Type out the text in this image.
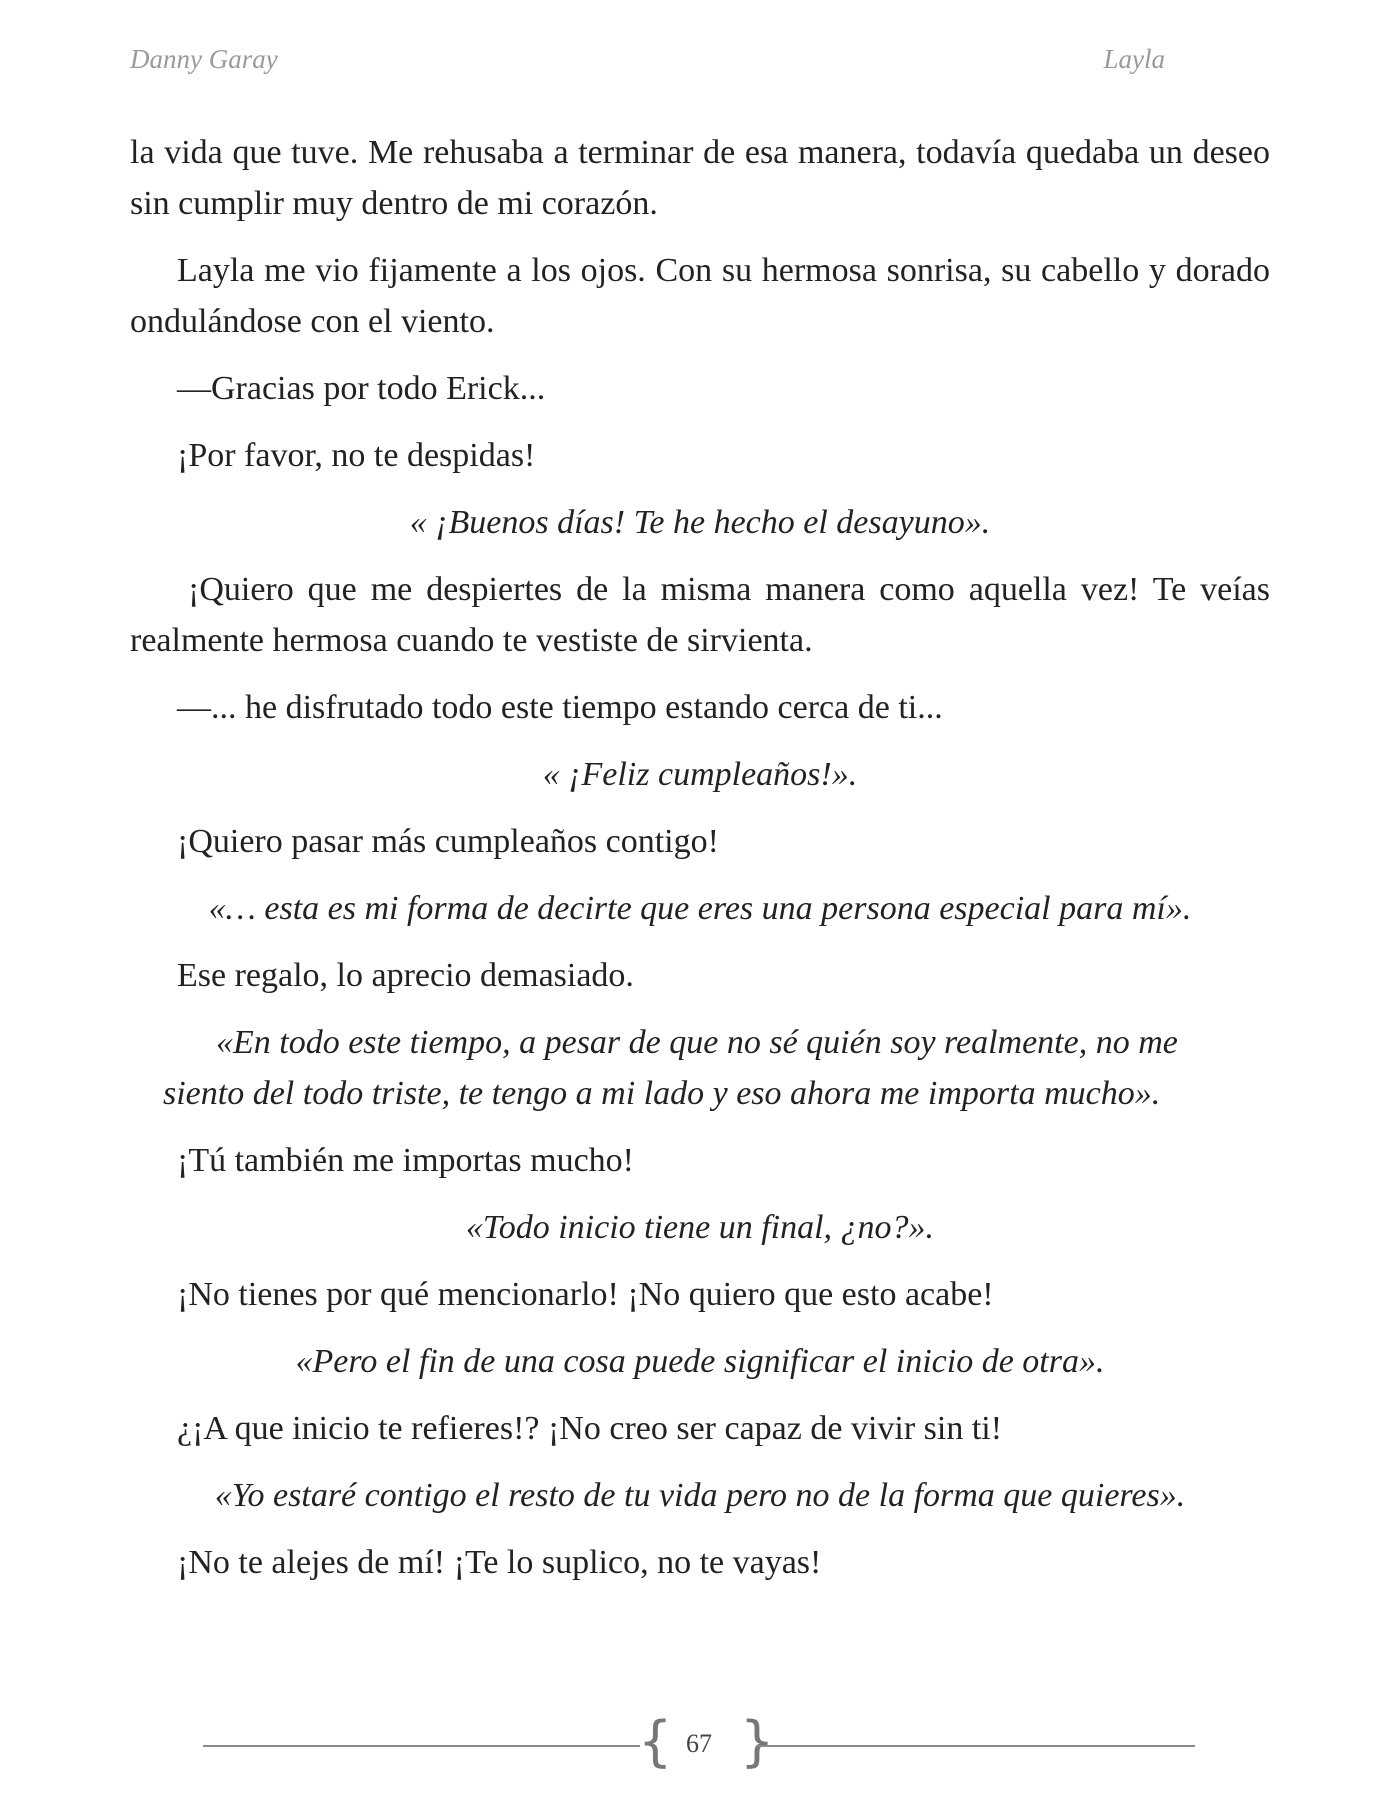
Danny Garay	Layla

la vida que tuve. Me rehusaba a terminar de esa manera, todavía quedaba un deseo sin cumplir muy dentro de mi corazón.

Layla me vio fijamente a los ojos. Con su hermosa sonrisa, su cabello y dorado ondulándose con el viento.

—Gracias por todo Erick...

¡Por favor, no te despidas!

« ¡Buenos días! Te he hecho el desayuno».

¡Quiero que me despiertes de la misma manera como aquella vez! Te veías realmente hermosa cuando te vestiste de sirvienta.

—... he disfrutado todo este tiempo estando cerca de ti...

« ¡Feliz cumpleaños!».

¡Quiero pasar más cumpleaños contigo!

«… esta es mi forma de decirte que eres una persona especial para mí».

Ese regalo, lo aprecio demasiado.

«En todo este tiempo, a pesar de que no sé quién soy realmente, no me
siento del todo triste, te tengo a mi lado y eso ahora me importa mucho».

¡Tú también me importas mucho!

«Todo inicio tiene un final, ¿no?».

¡No tienes por qué mencionarlo! ¡No quiero que esto acabe!

«Pero el fin de una cosa puede significar el inicio de otra».

¿¡A que inicio te refieres!? ¡No creo ser capaz de vivir sin ti!

«Yo estaré contigo el resto de tu vida pero no de la forma que quieres».

¡No te alejes de mí! ¡Te lo suplico, no te vayas!

{ 67 }
